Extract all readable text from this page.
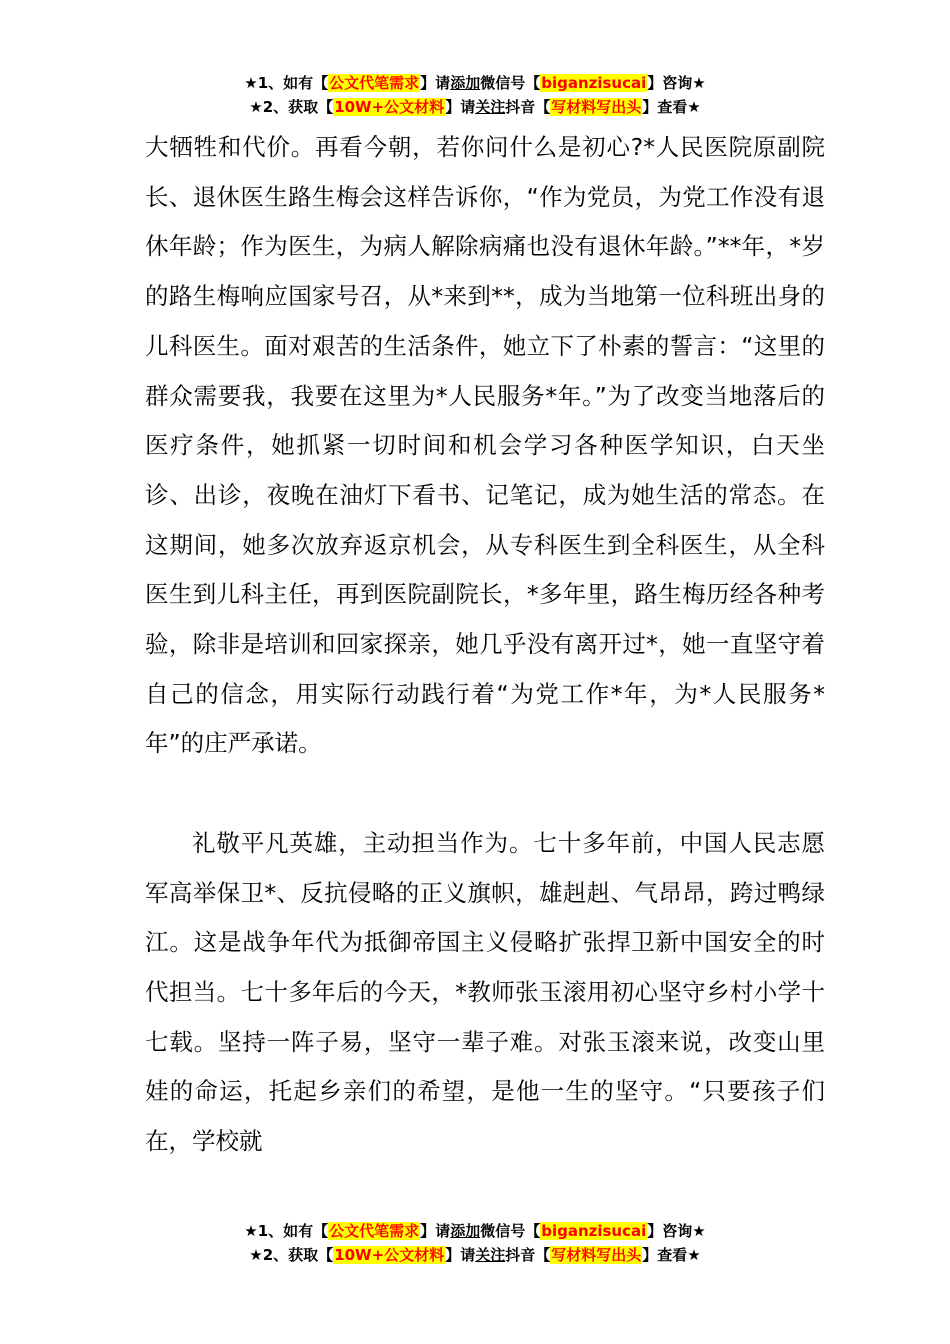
★1、如有【公文代笔需求】请添加微信号【biganzisucai】咨询★
★2、获取【10W+公文材料】请关注抖音【写材料写出头】查看★

大牺牲和代价。再看今朝，若你问什么是初心?*人民医院原副院长、退休医生路生梅会这样告诉你，“作为党员，为党工作没有退休年龄；作为医生，为病人解除病痛也没有退休年龄。”**年，*岁的路生梅响应国家号召，从*来到**，成为当地第一位科班出身的儿科医生。面对艰苦的生活条件，她立下了朴素的誓言：“这里的群众需要我，我要在这里为*人民服务*年。”为了改变当地落后的医疗条件，她抓紧一切时间和机会学习各种医学知识，白天坐诊、出诊，夜晚在油灯下看书、记笔记，成为她生活的常态。在这期间，她多次放弃返京机会，从专科医生到全科医生，从全科医生到儿科主任，再到医院副院长，*多年里，路生梅历经各种考验，除非是培训和回家探亲，她几乎没有离开过*，她一直坚守着自己的信念，用实际行动践行着“为党工作*年，为*人民服务*年”的庄严承诺。

礼敬平凡英雄，主动担当作为。七十多年前，中国人民志愿军高举保卫*、反抗侵略的正义旗帜，雄赳赳、气昂昂，跨过鸭绿江。这是战争年代为抵御帝国主义侵略扩张捍卫新中国安全的时代担当。七十多年后的今天，*教师张玉滚用初心坚守乡村小学十七载。坚持一阵子易，坚守一辈子难。对张玉滚来说，改变山里娃的命运，托起乡亲们的希望，是他一生的坚守。“只要孩子们在，学校就

★1、如有【公文代笔需求】请添加微信号【biganzisucai】咨询★
★2、获取【10W+公文材料】请关注抖音【写材料写出头】查看★
